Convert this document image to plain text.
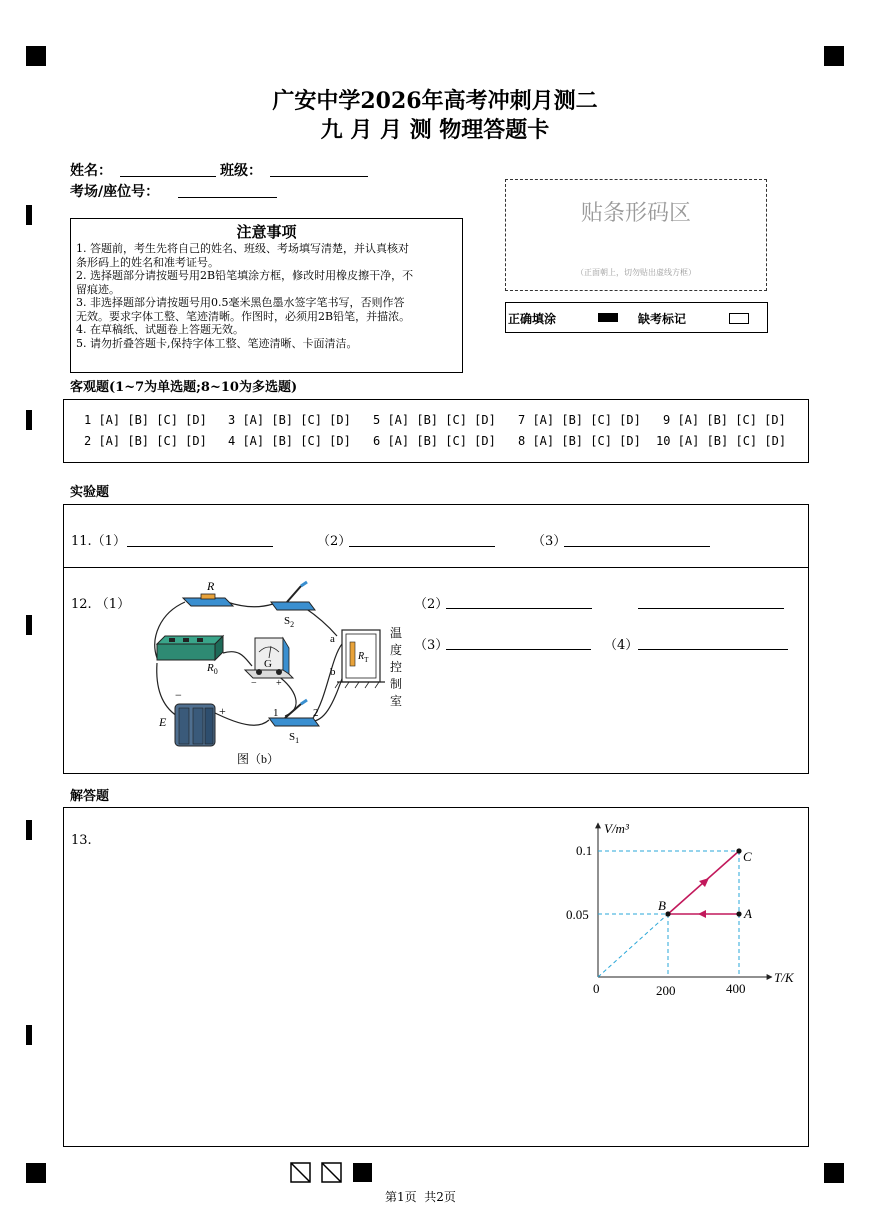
广安中学2026年高考冲刺月测二
九 月 月 测 物理答题卡
姓名：	班级：
考场/座位号：
注意事项
1. 答题前，考生先将自己的姓名、班级、考场填写清楚，并认真核对
条形码上的姓名和准考证号。
2. 选择题部分请按题号用2B铅笔填涂方框，修改时用橡皮擦干净，不
留痕迹。
3. 非选择题部分请按题号用0.5毫米黑色墨水签字笔书写，否则作答
无效。要求字体工整、笔迹清晰。作图时，必须用2B铅笔，并描浓。
4. 在草稿纸、试题卷上答题无效。
5. 请勿折叠答题卡,保持字体工整、笔迹清晰、卡面清洁。
贴条形码区
（正面朝上，切勿贴出虚线方框）
正确填涂	缺考标记
客观题(1~7为单选题;8~10为多选题)
1 [A] [B] [C] [D] 3 [A] [B] [C] [D] 5 [A] [B] [C] [D] 7 [A] [B] [C] [D] 9 [A] [B] [C] [D]
2 [A] [B] [C] [D] 4 [A] [B] [C] [D] 6 [A] [B] [C] [D] 8 [A] [B] [C] [D] 10 [A] [B] [C] [D]
实验题
11.（1）	（2）	（3）
12. （1）	（2）
（3）	（4）
R
$S_2$
$R_0$
G
− +
a
b
$R_T$
温
度
控
制
室
−
+
E
1	2
$S_1$
图（b）
解答题
13.
V/m³
T/K
A
B
C
0.1
0.05
0	200	400
第1页  共2页
